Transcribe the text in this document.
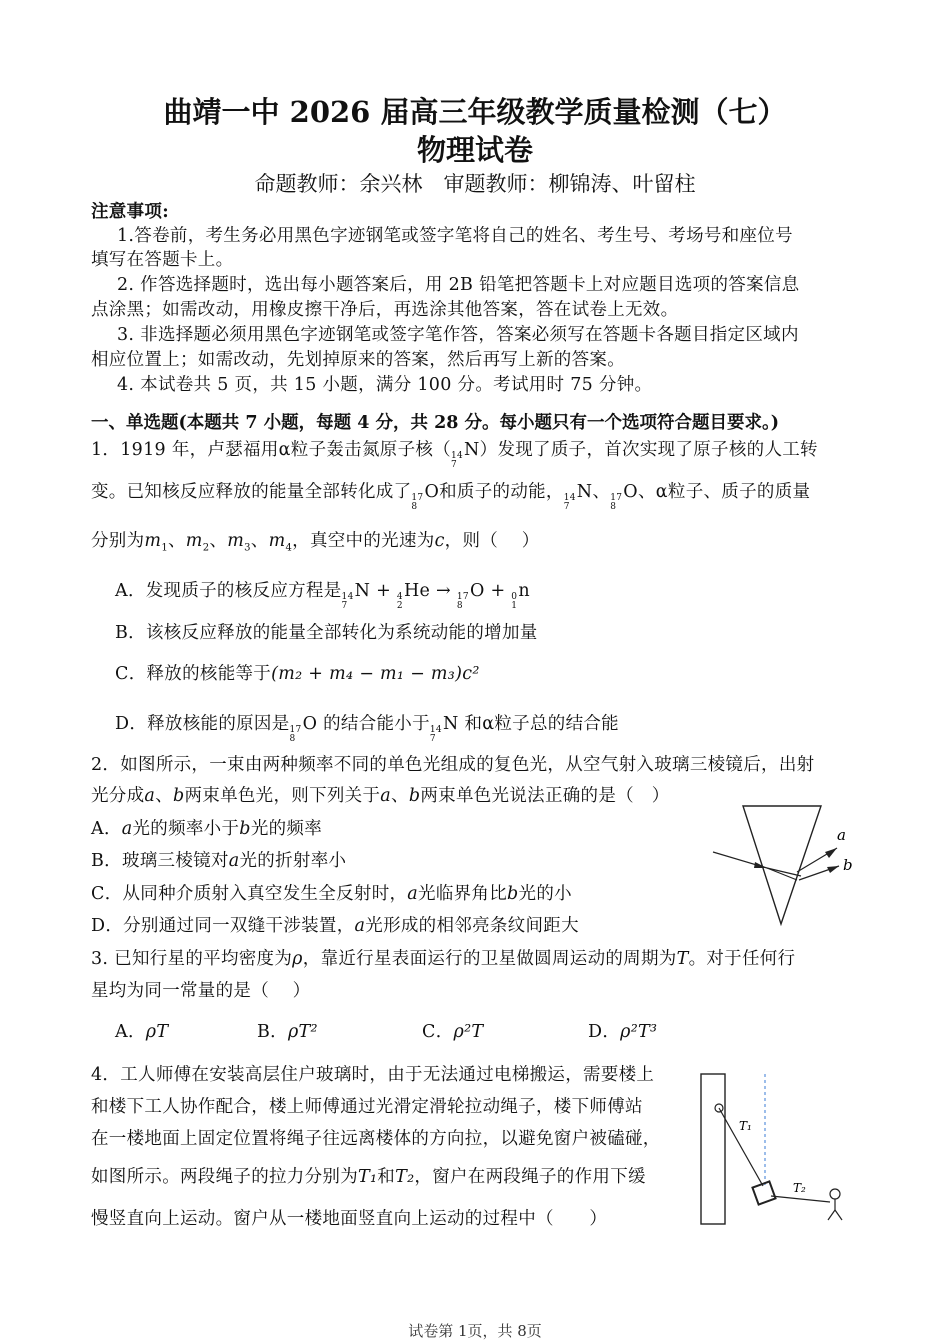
曲靖一中 2026 届高三年级教学质量检测（七）
物理试卷
命题教师：余兴林　审题教师：柳锦涛、叶留柱
注意事项:
1.答卷前，考生务必用黑色字迹钢笔或签字笔将自己的姓名、考生号、考场号和座位号
填写在答题卡上。
2. 作答选择题时，选出每小题答案后，用 2B 铅笔把答题卡上对应题目选项的答案信息
点涂黑；如需改动，用橡皮擦干净后，再选涂其他答案，答在试卷上无效。
3. 非选择题必须用黑色字迹钢笔或签字笔作答，答案必须写在答题卡各题目指定区域内
相应位置上；如需改动，先划掉原来的答案，然后再写上新的答案。
4. 本试卷共 5 页，共 15 小题，满分 100 分。考试用时 75 分钟。
一、单选题(本题共 7 小题，每题 4 分，共 28 分。每小题只有一个选项符合题目要求。)
1．1919 年，卢瑟福用α粒子轰击氮原子核（ 14
7
N）发现了质子，首次实现了原子核的人工转
变。已知核反应释放的能量全部转化成了 17
8
O和质子的动能， 14
7
N、 17
8
O、α粒子、质子的质量
分别为$m_1$、$m_2$、$m_3$、$m_4$，真空中的光速为c，则（　 ）
A．发现质子的核反应方程是 14
7
N + 4
2
He → 17
8
O + 0
1
n
B．该核反应释放的能量全部转化为系统动能的增加量
C．释放的核能等于(m₂ + m₄ − m₁ − m₃)c²
D．释放核能的原因是 17
8
O 的结合能小于 14
7
N 和α粒子总的结合能
2．如图所示，一束由两种频率不同的单色光组成的复色光，从空气射入玻璃三棱镜后，出射
光分成a、b两束单色光，则下列关于a、b两束单色光说法正确的是（　）
A．a光的频率小于b光的频率
B．玻璃三棱镜对a光的折射率小
C．从同种介质射入真空发生全反射时，a光临界角比b光的小
D．分别通过同一双缝干涉装置，a光形成的相邻亮条纹间距大
a
b
3. 已知行星的平均密度为ρ，靠近行星表面运行的卫星做圆周运动的周期为T。对于任何行
星均为同一常量的是（　 ）
A．ρT	B．ρT²	C．ρ²T	D．ρ²T³
4．工人师傅在安装高层住户玻璃时，由于无法通过电梯搬运，需要楼上
和楼下工人协作配合，楼上师傅通过光滑定滑轮拉动绳子，楼下师傅站
在一楼地面上固定位置将绳子往远离楼体的方向拉，以避免窗户被磕碰，
如图所示。两段绳子的拉力分别为T₁和T₂，窗户在两段绳子的作用下缓
慢竖直向上运动。窗户从一楼地面竖直向上运动的过程中（　　）
T₁
T₂
试卷第 1页，共 8页
